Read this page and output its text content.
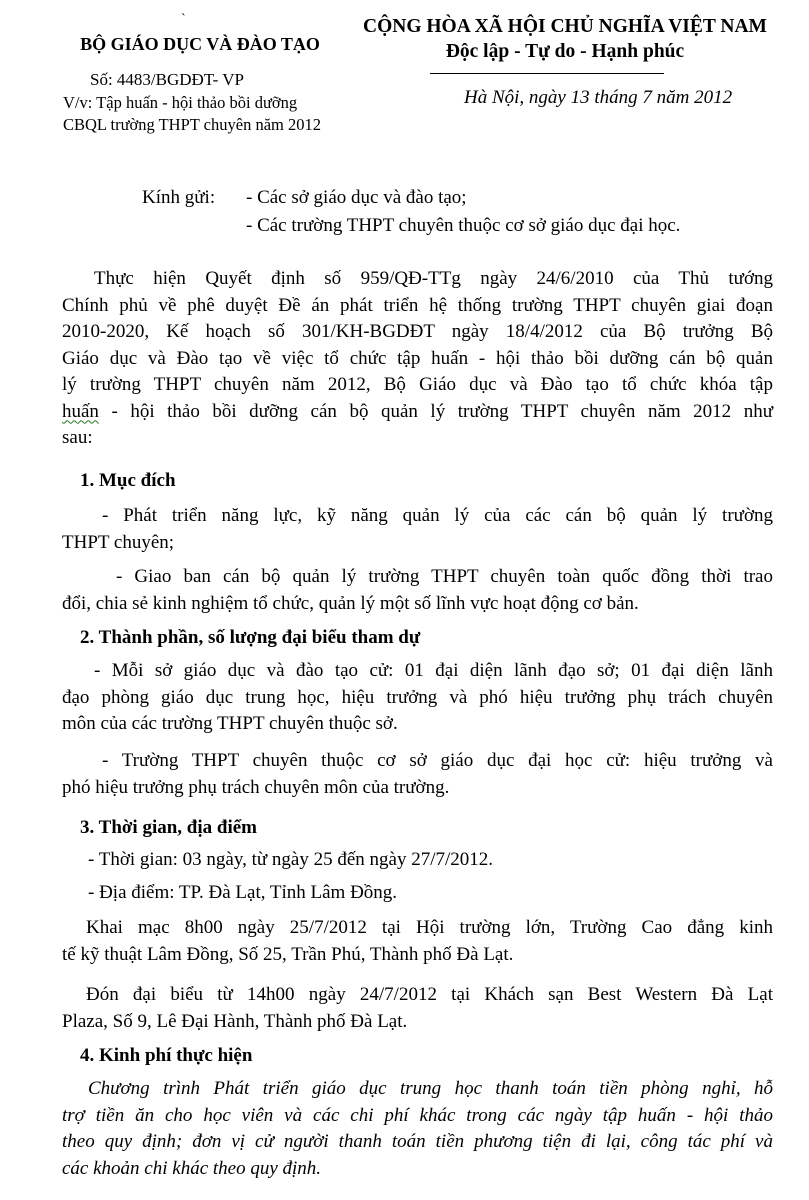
`
BỘ GIÁO DỤC VÀ ĐÀO TẠO
CỘNG HÒA XÃ HỘI CHỦ NGHĨA VIỆT NAM
Độc lập - Tự do - Hạnh phúc
Số: 4483/BGDĐT- VP
V/v: Tập huấn - hội thảo bồi dưỡng
CBQL trường THPT chuyên năm 2012
Hà Nội, ngày 13 tháng 7 năm 2012
Kính gửi: - Các sở giáo dục và đào tạo;
- Các trường THPT chuyên thuộc cơ sở giáo dục đại học.
Thực hiện Quyết định số 959/QĐ-TTg ngày 24/6/2010 của Thủ tướng
Chính phủ về phê duyệt Đề án phát triển hệ thống trường THPT chuyên giai đoạn
2010-2020, Kế hoạch số 301/KH-BGDĐT ngày 18/4/2012 của Bộ trưởng Bộ
Giáo dục và Đào tạo về việc tổ chức tập huấn - hội thảo bồi dưỡng cán bộ quản
lý trường THPT chuyên năm 2012, Bộ Giáo dục và Đào tạo tổ chức khóa tập
huấn - hội thảo bồi dưỡng cán bộ quản lý trường THPT chuyên năm 2012 như
sau:
1. Mục đích
- Phát triển năng lực, kỹ năng quản lý của các cán bộ quản lý trường
THPT chuyên;
- Giao ban cán bộ quản lý trường THPT chuyên toàn quốc đồng thời trao
đổi, chia sẻ kinh nghiệm tổ chức, quản lý một số lĩnh vực hoạt động cơ bản.
2. Thành phần, số lượng đại biểu tham dự
- Mỗi sở giáo dục và đào tạo cử: 01 đại diện lãnh đạo sở; 01 đại diện lãnh
đạo phòng giáo dục trung học, hiệu trưởng và phó hiệu trưởng phụ trách chuyên
môn của các trường THPT chuyên thuộc sở.
- Trường THPT chuyên thuộc cơ sở giáo dục đại học cử: hiệu trưởng và
phó hiệu trưởng phụ trách chuyên môn của trường.
3. Thời gian, địa điểm
- Thời gian: 03 ngày, từ ngày 25 đến ngày 27/7/2012.
- Địa điểm: TP. Đà Lạt, Tỉnh Lâm Đồng.
Khai mạc 8h00 ngày 25/7/2012 tại Hội trường lớn, Trường Cao đẳng kinh
tế kỹ thuật Lâm Đồng, Số 25, Trần Phú, Thành phố Đà Lạt.
Đón đại biểu từ 14h00 ngày 24/7/2012 tại Khách sạn Best Western Đà Lạt
Plaza, Số 9, Lê Đại Hành, Thành phố Đà Lạt.
4. Kinh phí thực hiện
Chương trình Phát triển giáo dục trung học thanh toán tiền phòng nghỉ, hỗ
trợ tiền ăn cho học viên và các chi phí khác trong các ngày tập huấn - hội thảo
theo quy định; đơn vị cử người thanh toán tiền phương tiện đi lại, công tác phí và
các khoản chi khác theo quy định.
